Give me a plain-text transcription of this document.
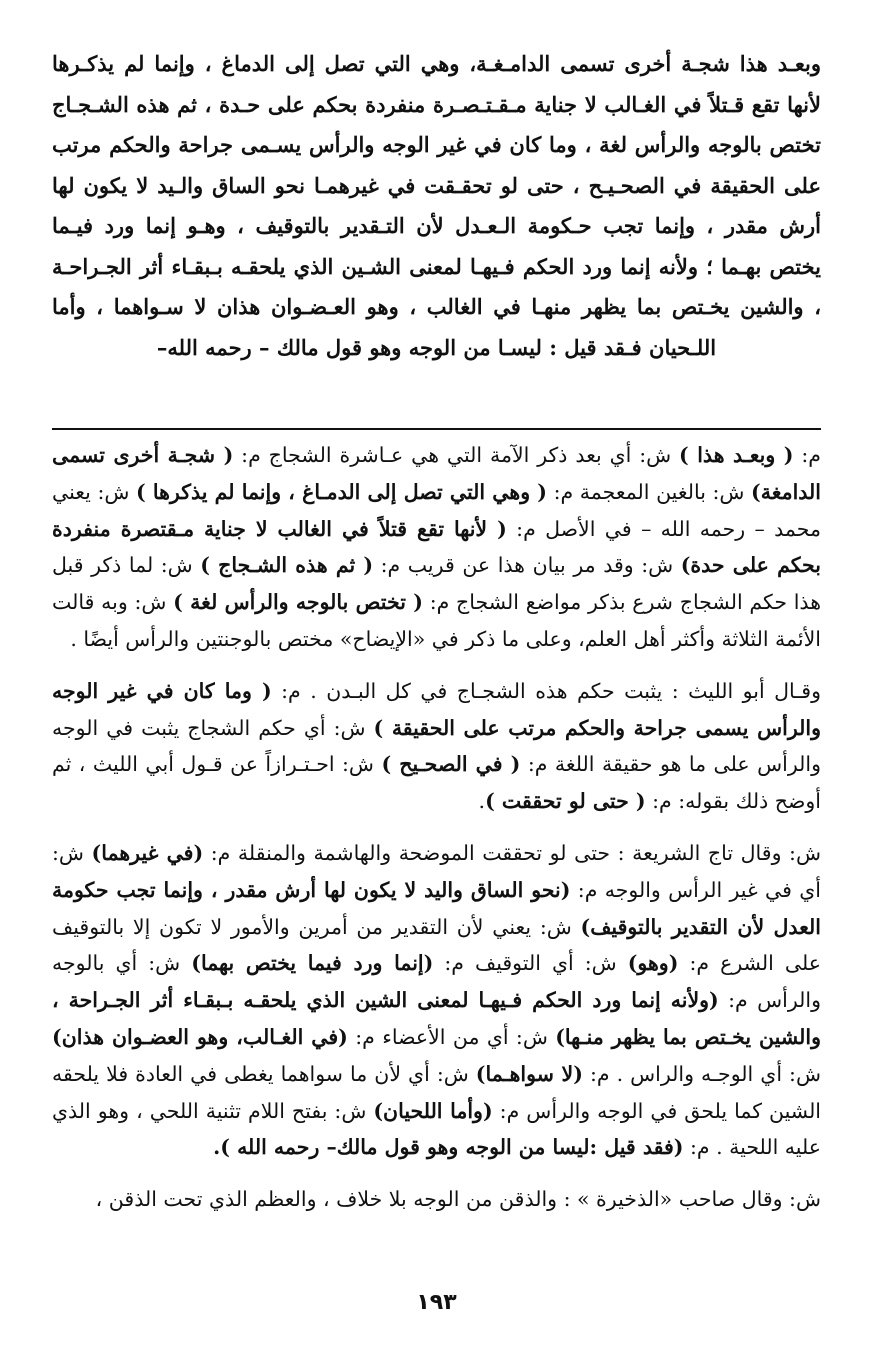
وبعـد هذا شجـة أخرى تسمى الدامـغـة، وهي التي تصل إلى الدماغ ، وإنما لم يذكـرها لأنها تقع قـتلاً في الغـالب لا جناية مـقـتـصـرة منفردة بحكم على حـدة ، ثم هذه الشـجـاج تختص بالوجه والرأس لغة ، وما كان في غير الوجه والرأس يسـمى جراحة والحكم مرتب على الحقيقة في الصحـيـح ، حتى لو تحقـقت في غيرهمـا نحو الساق والـيد لا يكون لها أرش مقدر ، وإنما تجب حـكومة الـعـدل لأن التـقدير بالتوقيف ، وهـو إنما ورد فيـما يختص بهـما ؛ ولأنه إنما ورد الحكم فـيهـا لمعنى الشـين الذي يلحقـه بـبقـاء أثر الجـراحـة ، والشين يخـتص بما يظهر منهـا في الغالب ، وهو العـضـوان هذان لا سـواهما ، وأما اللـحيان فـقد قيل : ليسـا من الوجه وهو قول مالك – رحمه الله–

م: ( وبعـد هذا ) ش: أي بعد ذكر الآمة التي هي عـاشرة الشجاج م: ( شجـة أخرى تسمى الدامغة) ش: بالغين المعجمة م: ( وهي التي تصل إلى الدمـاغ ، وإنما لم يذكرها ) ش: يعني محمد – رحمه الله – في الأصل م: ( لأنها تقع قتلاً في الغالب لا جناية مـقتصرة منفردة بحكم على حدة) ش: وقد مر بيان هذا عن قريب م: ( ثم هذه الشـجاج ) ش: لما ذكر قبل هذا حكم الشجاج شرع بذكر مواضع الشجاج م: ( تختص بالوجه والرأس لغة ) ش: وبه قالت الأئمة الثلاثة وأكثر أهل العلم، وعلى ما ذكر في «الإيضاح» مختص بالوجنتين والرأس أيضًا .

وقـال أبو الليث : يثبت حكم هذه الشجـاج في كل البـدن . م: ( وما كان في غير الوجه والرأس يسمى جراحة والحكم مرتب على الحقيقة ) ش: أي حكم الشجاج يثبت في الوجه والرأس على ما هو حقيقة اللغة م: ( في الصحـيح ) ش: احـتـرازاً عن قـول أبي الليث ، ثم أوضح ذلك بقوله: م: ( حتى لو تحققت ).

ش: وقال تاج الشريعة : حتى لو تحققت الموضحة والهاشمة والمنقلة م: (في غيرهما) ش: أي في غير الرأس والوجه م: (نحو الساق واليد لا يكون لها أرش مقدر ، وإنما تجب حكومة العدل لأن التقدير بالتوقيف) ش: يعني لأن التقدير من أمرين والأمور لا تكون إلا بالتوقيف على الشرع م: (وهو) ش: أي التوقيف م: (إنما ورد فيما يختص بهما) ش: أي بالوجه والرأس م: (ولأنه إنما ورد الحكم فـيهـا لمعنى الشين الذي يلحقـه بـبقـاء أثر الجـراحة ، والشين يخـتص بما يظهر منـها) ش: أي من الأعضاء م: (في الغـالب، وهو العضـوان هذان) ش: أي الوجـه والراس . م: (لا سواهـما) ش: أي لأن ما سواهما يغطى في العادة فلا يلحقه الشين كما يلحق في الوجه والرأس م: (وأما اللحيان) ش: بفتح اللام تثنية اللحي ، وهو الذي عليه اللحية . م: (فقد قيل :ليسا من الوجه وهو قول مالك– رحمه الله ).

ش: وقال صاحب «الذخيرة » : والذقن من الوجه بلا خلاف ، والعظم الذي تحت الذقن ،

١٩٣
